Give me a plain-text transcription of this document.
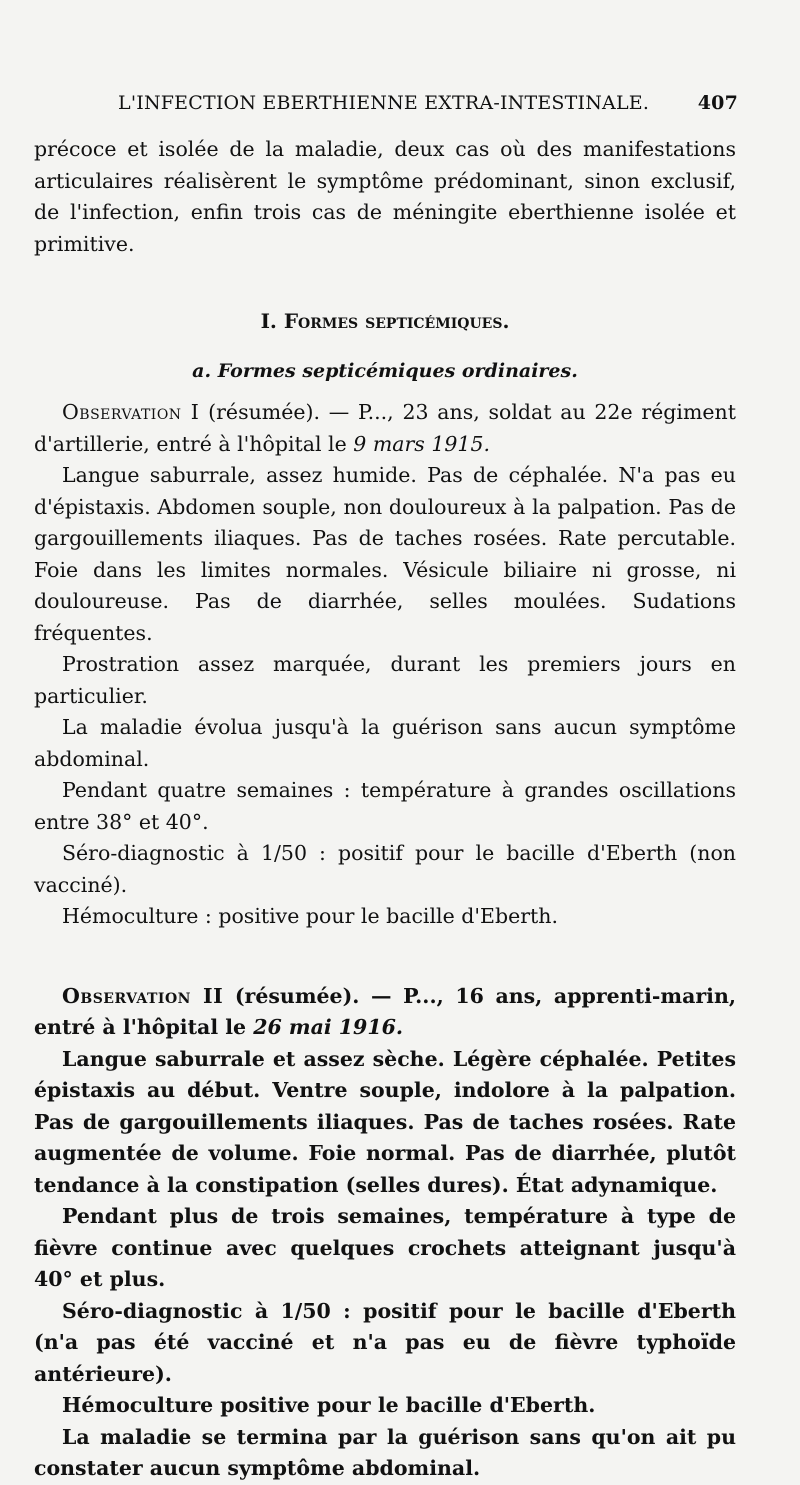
L'INFECTION EBERTHIENNE EXTRA-INTESTINALE.	407

précoce et isolée de la maladie, deux cas où des manifestations articulaires réalisèrent le symptôme prédominant, sinon exclusif, de l'infection, enfin trois cas de méningite eberthienne isolée et primitive.

I. Formes septicémiques.
a. Formes septicémiques ordinaires.

Observation I (résumée). — P..., 23 ans, soldat au 22e régiment d'artillerie, entré à l'hôpital le 9 mars 1915.

Langue saburrale, assez humide. Pas de céphalée. N'a pas eu d'épistaxis. Abdomen souple, non douloureux à la palpation. Pas de gargouillements iliaques. Pas de taches rosées. Rate percutable. Foie dans les limites normales. Vésicule biliaire ni grosse, ni douloureuse. Pas de diarrhée, selles moulées. Sudations fréquentes.

Prostration assez marquée, durant les premiers jours en particulier.

La maladie évolua jusqu'à la guérison sans aucun symptôme abdominal.

Pendant quatre semaines : température à grandes oscillations entre 38° et 40°.

Séro-diagnostic à 1/50 : positif pour le bacille d'Eberth (non vacciné).

Hémoculture : positive pour le bacille d'Eberth.

Observation II (résumée). — P..., 16 ans, apprenti-marin, entré à l'hôpital le 26 mai 1916.

Langue saburrale et assez sèche. Légère céphalée. Petites épistaxis au début. Ventre souple, indolore à la palpation. Pas de gargouillements iliaques. Pas de taches rosées. Rate augmentée de volume. Foie normal. Pas de diarrhée, plutôt tendance à la constipation (selles dures). État adynamique.

Pendant plus de trois semaines, température à type de fièvre continue avec quelques crochets atteignant jusqu'à 40° et plus.

Séro-diagnostic à 1/50 : positif pour le bacille d'Eberth (n'a pas été vacciné et n'a pas eu de fièvre typhoïde antérieure).

Hémoculture positive pour le bacille d'Eberth.

La maladie se termina par la guérison sans qu'on ait pu constater aucun symptôme abdominal.
